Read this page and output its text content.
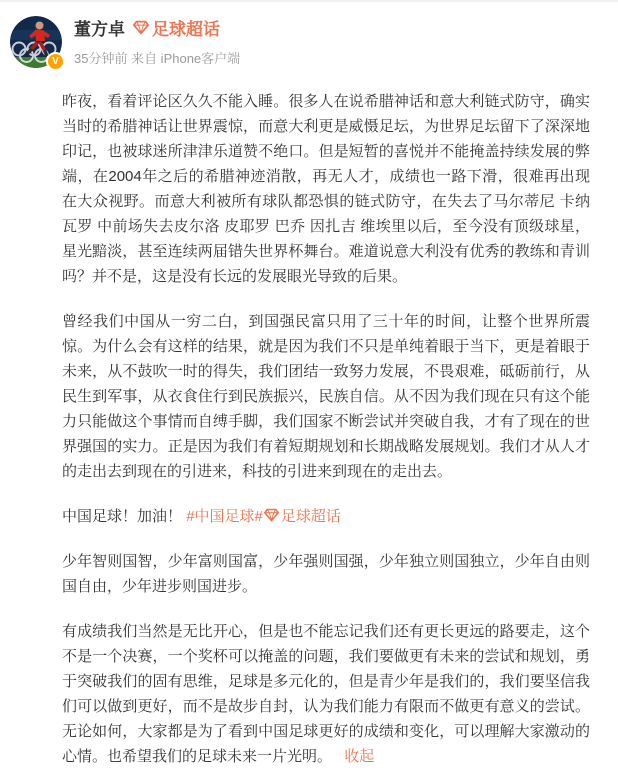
V
董方卓 足球超话
35分钟前 来自 iPhone客户端

昨夜，看着评论区久久不能入睡。很多人在说希腊神话和意大利链式防守，确实当时的希腊神话让世界震惊，而意大利更是威慑足坛，为世界足坛留下了深深地印记，也被球迷所津津乐道赞不绝口。但是短暂的喜悦并不能掩盖持续发展的弊端，在2004年之后的希腊神迹消散，再无人才，成绩也一路下滑，很难再出现在大众视野。而意大利被所有球队都恐惧的链式防守，在失去了马尔蒂尼 卡纳瓦罗 中前场失去皮尔洛 皮耶罗 巴乔 因扎吉 维埃里以后，至今没有顶级球星，星光黯淡，甚至连续两届错失世界杯舞台。难道说意大利没有优秀的教练和青训吗？并不是，这是没有长远的发展眼光导致的后果。

曾经我们中国从一穷二白，到国强民富只用了三十年的时间，让整个世界所震惊。为什么会有这样的结果，就是因为我们不只是单纯着眼于当下，更是着眼于未来，从不鼓吹一时的得失，我们团结一致努力发展，不畏艰难，砥砺前行，从民生到军事，从衣食住行到民族振兴，民族自信。从不因为我们现在只有这个能力只能做这个事情而自缚手脚，我们国家不断尝试并突破自我，才有了现在的世界强国的实力。正是因为我们有着短期规划和长期战略发展规划。我们才从人才的走出去到现在的引进来，科技的引进来到现在的走出去。

中国足球！加油！ #中国足球# 足球超话

少年智则国智，少年富则国富，少年强则国强，少年独立则国独立，少年自由则国自由，少年进步则国进步。

有成绩我们当然是无比开心，但是也不能忘记我们还有更长更远的路要走，这个不是一个决赛，一个奖杯可以掩盖的问题，我们要做更有未来的尝试和规划，勇于突破我们的固有思维，足球是多元化的，但是青少年是我们的，我们要坚信我们可以做到更好，而不是故步自封，认为我们能力有限而不做更有意义的尝试。无论如何，大家都是为了看到中国足球更好的成绩和变化，可以理解大家激动的心情。也希望我们的足球未来一片光明。 收起
